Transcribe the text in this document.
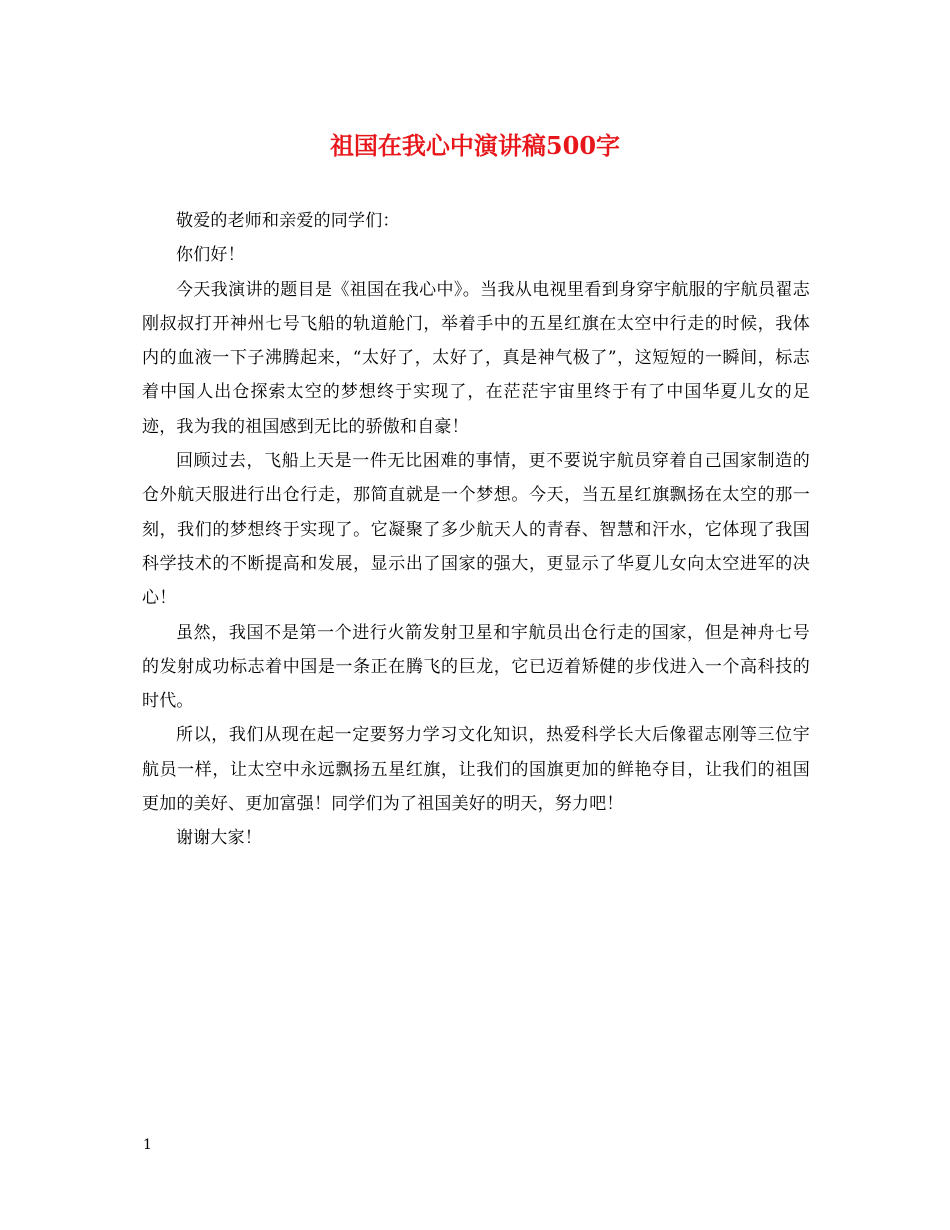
祖国在我心中演讲稿500字

敬爱的老师和亲爱的同学们：

你们好！

今天我演讲的题目是《祖国在我心中》。当我从电视里看到身穿宇航服的宇航员翟志刚叔叔打开神州七号飞船的轨道舱门，举着手中的五星红旗在太空中行走的时候，我体内的血液一下子沸腾起来，“太好了，太好了，真是神气极了”，这短短的一瞬间，标志着中国人出仓探索太空的梦想终于实现了，在茫茫宇宙里终于有了中国华夏儿女的足迹，我为我的祖国感到无比的骄傲和自豪！

回顾过去，飞船上天是一件无比困难的事情，更不要说宇航员穿着自己国家制造的仓外航天服进行出仓行走，那简直就是一个梦想。今天，当五星红旗飘扬在太空的那一刻，我们的梦想终于实现了。它凝聚了多少航天人的青春、智慧和汗水，它体现了我国科学技术的不断提高和发展，显示出了国家的强大，更显示了华夏儿女向太空进军的决心！

虽然，我国不是第一个进行火箭发射卫星和宇航员出仓行走的国家，但是神舟七号的发射成功标志着中国是一条正在腾飞的巨龙，它已迈着矫健的步伐进入一个高科技的时代。

所以，我们从现在起一定要努力学习文化知识，热爱科学长大后像翟志刚等三位宇航员一样，让太空中永远飘扬五星红旗，让我们的国旗更加的鲜艳夺目，让我们的祖国更加的美好、更加富强！同学们为了祖国美好的明天，努力吧！

谢谢大家！

1
